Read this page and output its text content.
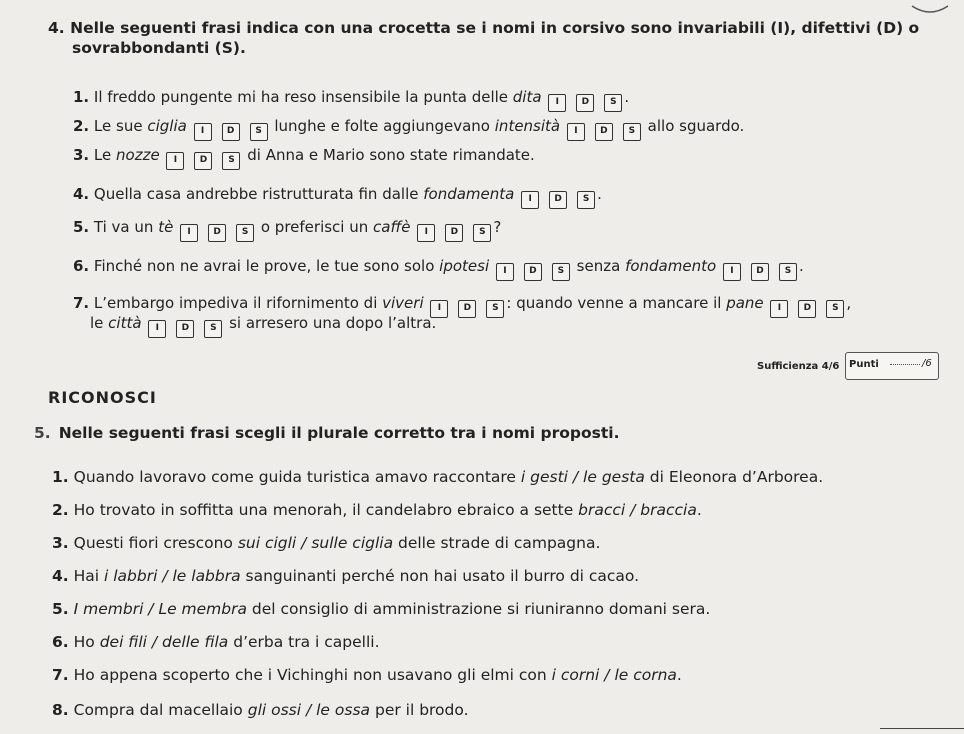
4. Nelle seguenti frasi indica con una crocetta se i nomi in corsivo sono invariabili (I), difettivi (D) o
sovrabbondanti (S).
1. Il freddo pungente mi ha reso insensibile la punta delle dita I	D S .
2. Le sue ciglia I	D S lunghe e folte aggiungevano intensità I	D S allo sguardo.
3. Le nozze I	D S di Anna e Mario sono state rimandate.
4. Quella casa andrebbe ristrutturata fin dalle fondamenta I	D S .
5. Ti va un tè I	D S o preferisci un caffè I	D S ?
6. Finché non ne avrai le prove, le tue sono solo ipotesi I	D S senza fondamento I	D S .
7. L’embargo impediva il rifornimento di viveri I	D S : quando venne a mancare il pane I	D S ,
le città I	D S si arresero una dopo l’altra.
Sufficienza 4/6 Punti	/6
RICONOSCI
5. Nelle seguenti frasi scegli il plurale corretto tra i nomi proposti.
1. Quando lavoravo come guida turistica amavo raccontare i gesti / le gesta di Eleonora d’Arborea.
2. Ho trovato in soffitta una menorah, il candelabro ebraico a sette bracci / braccia.
3. Questi fiori crescono sui cigli / sulle ciglia delle strade di campagna.
4. Hai i labbri / le labbra sanguinanti perché non hai usato il burro di cacao.
5. I membri / Le membra del consiglio di amministrazione si riuniranno domani sera.
6. Ho dei fili / delle fila d’erba tra i capelli.
7. Ho appena scoperto che i Vichinghi non usavano gli elmi con i corni / le corna.
8. Compra dal macellaio gli ossi / le ossa per il brodo.
